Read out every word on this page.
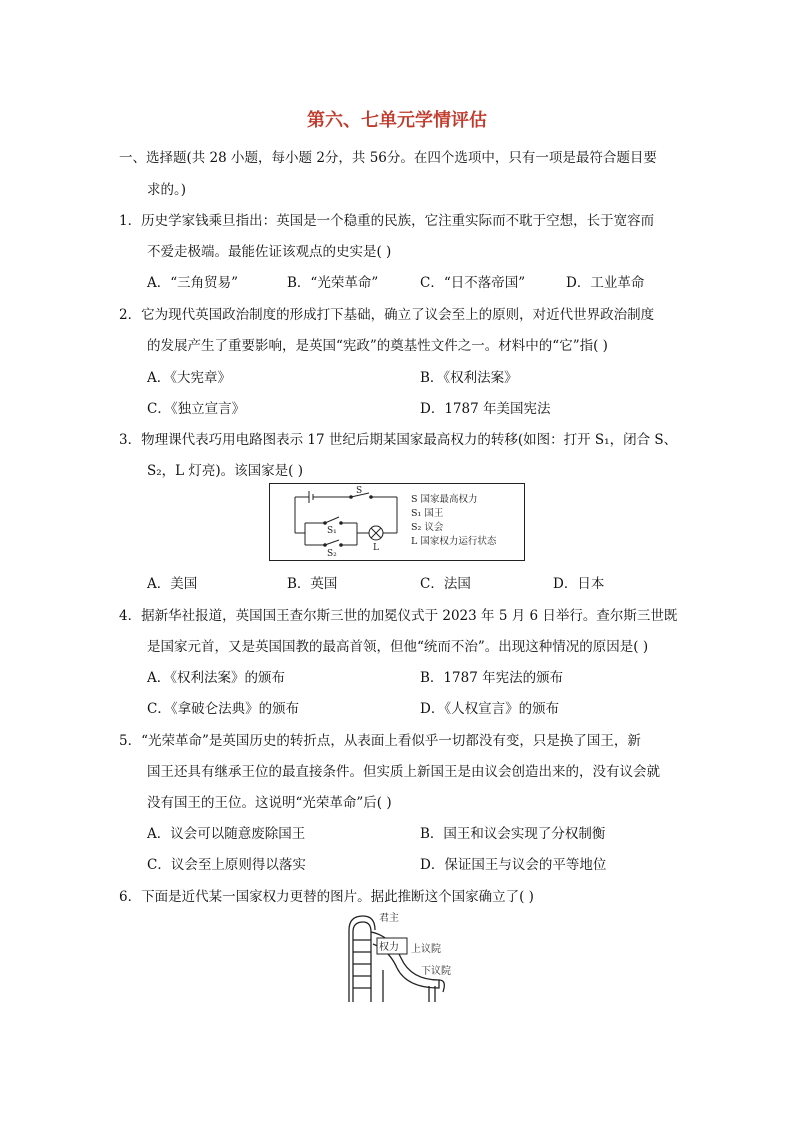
第六、七单元学情评估
一、选择题(共 28 小题，每小题 2分，共 56分。在四个选项中，只有一项是最符合题目要
求的。)
1．历史学家钱乘旦指出：英国是一个稳重的民族，它注重实际而不耽于空想，长于宽容而
不爱走极端。最能佐证该观点的史实是( )
A．“三角贸易”	B．“光荣革命”	C．“日不落帝国”	D．工业革命
2．它为现代英国政治制度的形成打下基础，确立了议会至上的原则，对近代世界政治制度
的发展产生了重要影响，是英国“宪政”的奠基性文件之一。材料中的“它”指( )
A．《大宪章》	B．《权利法案》
C．《独立宣言》	D．1787 年美国宪法
3．物理课代表巧用电路图表示 17 世纪后期某国家最高权力的转移(如图：打开 S₁，闭合 S、
S₂，L 灯亮)。该国家是( )
S
S₁
S₂
L
S 国家最高权力
S₁ 国王
S₂ 议会
L 国家权力运行状态
A．美国	B．英国	C．法国	D．日本
4．据新华社报道，英国国王查尔斯三世的加冕仪式于 2023 年 5 月 6 日举行。查尔斯三世既
是国家元首，又是英国国教的最高首领，但他“统而不治”。出现这种情况的原因是( )
A．《权利法案》的颁布	B．1787 年宪法的颁布
C．《拿破仑法典》的颁布	D．《人权宣言》的颁布
5．“光荣革命”是英国历史的转折点，从表面上看似乎一切都没有变，只是换了国王，新
国王还具有继承王位的最直接条件。但实质上新国王是由议会创造出来的，没有议会就
没有国王的王位。这说明“光荣革命”后( )
A．议会可以随意废除国王	B．国王和议会实现了分权制衡
C．议会至上原则得以落实	D．保证国王与议会的平等地位
6．下面是近代某一国家权力更替的图片。据此推断这个国家确立了( )
君主
权力 上议院
下议院
